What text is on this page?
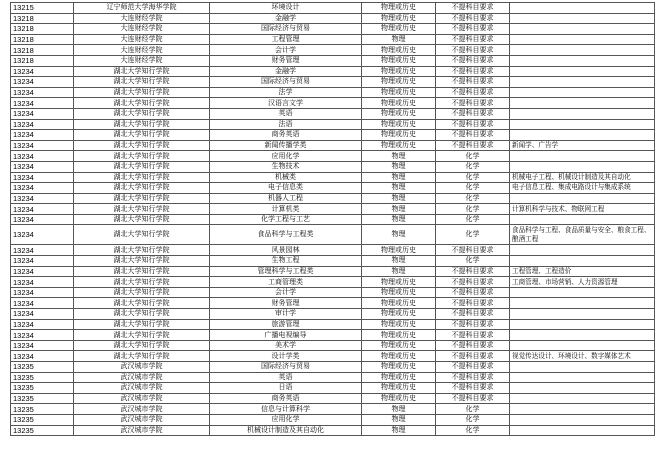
13215	辽宁师范大学海华学院	环境设计	物理或历史	不提科目要求	
13218	大连财经学院	金融学	物理或历史	不提科目要求	
13218	大连财经学院	国际经济与贸易	物理或历史	不提科目要求	
13218	大连财经学院	工程管理	物理	不提科目要求	
13218	大连财经学院	会计学	物理或历史	不提科目要求	
13218	大连财经学院	财务管理	物理或历史	不提科目要求	
13234	湖北大学知行学院	金融学	物理或历史	不提科目要求	
13234	湖北大学知行学院	国际经济与贸易	物理或历史	不提科目要求	
13234	湖北大学知行学院	法学	物理或历史	不提科目要求	
13234	湖北大学知行学院	汉语言文学	物理或历史	不提科目要求	
13234	湖北大学知行学院	英语	物理或历史	不提科目要求	
13234	湖北大学知行学院	法语	物理或历史	不提科目要求	
13234	湖北大学知行学院	商务英语	物理或历史	不提科目要求	
13234	湖北大学知行学院	新闻传播学类	物理或历史	不提科目要求	新闻学、广告学
13234	湖北大学知行学院	应用化学	物理	化学	
13234	湖北大学知行学院	生物技术	物理	化学	
13234	湖北大学知行学院	机械类	物理	化学	机械电子工程、机械设计制造及其自动化
13234	湖北大学知行学院	电子信息类	物理	化学	电子信息工程、集成电路设计与集成系统
13234	湖北大学知行学院	机器人工程	物理	化学	
13234	湖北大学知行学院	计算机类	物理	化学	计算机科学与技术、物联网工程
13234	湖北大学知行学院	化学工程与工艺	物理	化学	
13234	湖北大学知行学院	食品科学与工程类	物理	化学	食品科学与工程、食品质量与安全、粮食工程、酿酒工程
13234	湖北大学知行学院	风景园林	物理或历史	不提科目要求	
13234	湖北大学知行学院	生物工程	物理	化学	
13234	湖北大学知行学院	管理科学与工程类	物理	不提科目要求	工程管理、工程造价
13234	湖北大学知行学院	工商管理类	物理或历史	不提科目要求	工商管理、市场营销、人力资源管理
13234	湖北大学知行学院	会计学	物理或历史	不提科目要求	
13234	湖北大学知行学院	财务管理	物理或历史	不提科目要求	
13234	湖北大学知行学院	审计学	物理或历史	不提科目要求	
13234	湖北大学知行学院	旅游管理	物理或历史	不提科目要求	
13234	湖北大学知行学院	广播电视编导	物理或历史	不提科目要求	
13234	湖北大学知行学院	美术学	物理或历史	不提科目要求	
13234	湖北大学知行学院	设计学类	物理或历史	不提科目要求	视觉传达设计、环境设计、数字媒体艺术
13235	武汉城市学院	国际经济与贸易	物理或历史	不提科目要求	
13235	武汉城市学院	英语	物理或历史	不提科目要求	
13235	武汉城市学院	日语	物理或历史	不提科目要求	
13235	武汉城市学院	商务英语	物理或历史	不提科目要求	
13235	武汉城市学院	信息与计算科学	物理	化学	
13235	武汉城市学院	应用化学	物理	化学	
13235	武汉城市学院	机械设计制造及其自动化	物理	化学	
